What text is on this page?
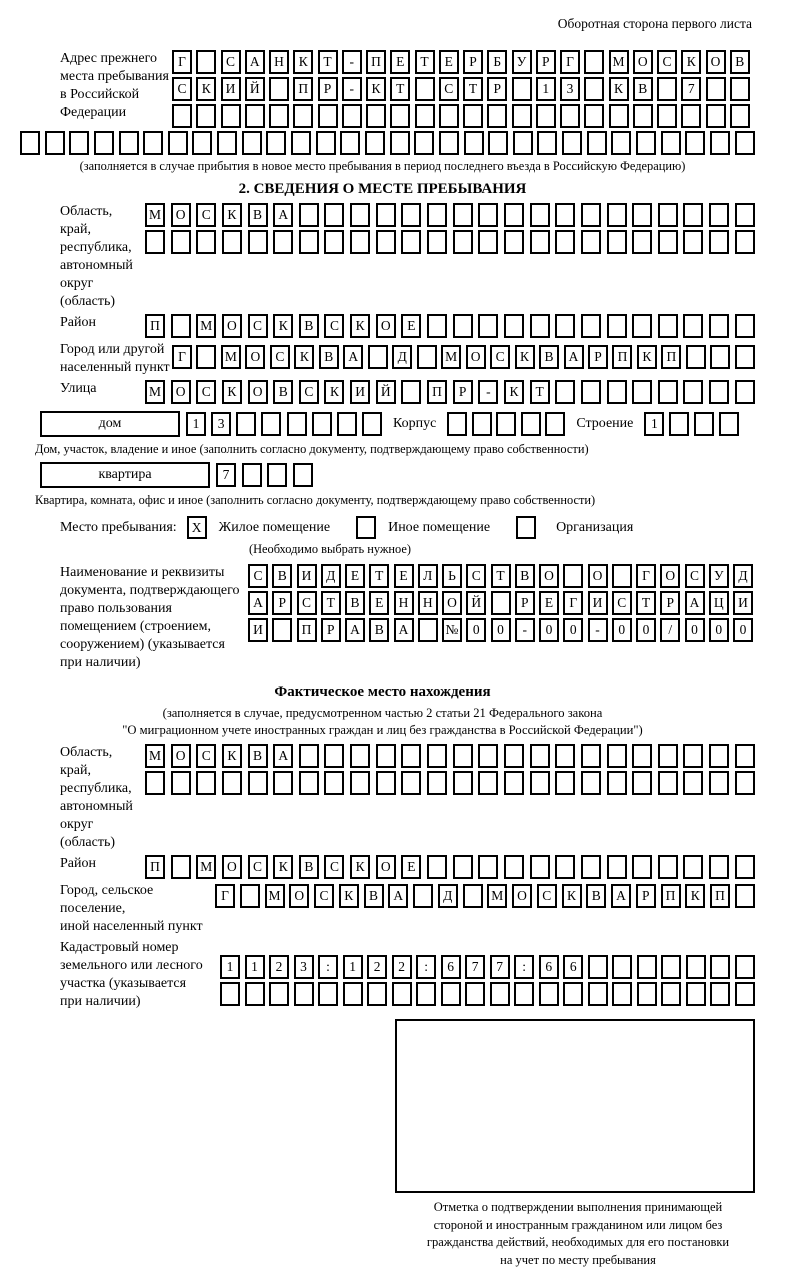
Оборотная сторона первого листа
Адрес прежнего
места пребывания
в Российской
Федерации
Г	С	А	Н	К	Т	-	П	Е	Т	Е	Р	Б	У	Р	Г	М О	С	К	О	В
С	К	И	Й	П	Р	-	К	Т	С	Т	Р	1	3	К	В	7
(заполняется в случае прибытия в новое место пребывания в период последнего въезда в Российскую Федерацию)
2. СВЕДЕНИЯ О МЕСТЕ ПРЕБЫВАНИЯ
Область, край,
республика,
автономный
округ (область)
М	О	С	К	В	А
Район	П	М	О	С	К	В	С	К	О	Е
Город или другой
населенный пункт
Г	М	О	С	К	В	А	Д	М	О	С	К	В	А	Р	П	К	П
Улица	М	О	С	К	О	В	С	К	И	Й	П	Р	-	К	Т
дом	1	3	Корпус	Строение	1
Дом, участок, владение и иное (заполнить согласно документу, подтверждающему право собственности)
квартира	7
Квартира, комната, офис и иное (заполнить согласно документу, подтверждающему право собственности)
Место пребывания:	X	Жилое помещение	Иное помещение	Организация
(Необходимо выбрать нужное)
Наименование и реквизиты
документа, подтверждающего
право пользования
помещением (строением,
сооружением) (указывается
при наличии)
С	В	И	Д	Е	Т	Е	Л	Ь	С	Т	В	О	О	Г	О	С	У	Д
А	Р	С	Т	В	Е	Н	Н	О	Й	Р	Е	Г	И	С	Т	Р	А	Ц	И
И	П	Р	А	В	А	№	0	0	-	0	0	-	0	0	/	0	0	0
Фактическое место нахождения
(заполняется в случае, предусмотренном частью 2 статьи 21 Федерального закона
"О миграционном учете иностранных граждан и лиц без гражданства в Российской Федерации")
Область, край,
республика,
автономный округ
(область)
М	О	С	К	В	А
Район	П	М	О	С	К	В	С	К	О	Е
Город, сельское поселение,
иной населенный пункт
Г	М	О	С	К	В	А	Д	М	О	С	К	В	А	Р	П	К	П
Кадастровый номер
земельного или лесного
участка (указывается
при наличии)
1	1	2	3	:	1	2	2	:	6	7	7	:	6	6
Отметка о подтверждении выполнения принимающей
стороной и иностранным гражданином или лицом без
гражданства действий, необходимых для его постановки
на учет по месту пребывания
